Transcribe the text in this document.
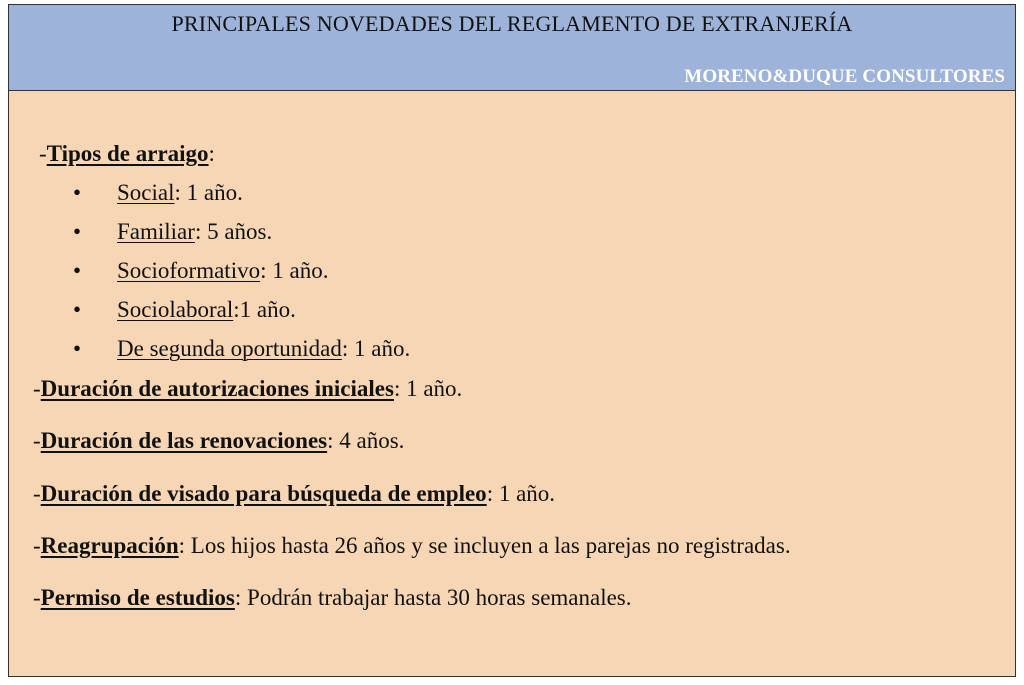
PRINCIPALES NOVEDADES DEL REGLAMENTO DE EXTRANJERÍA
MORENO&DUQUE CONSULTORES
-Tipos de arraigo:
• Social: 1 año.
• Familiar: 5 años.
• Socioformativo: 1 año.
• Sociolaboral:1 año.
• De segunda oportunidad: 1 año.
-Duración de autorizaciones iniciales: 1 año.
-Duración de las renovaciones: 4 años.
-Duración de visado para búsqueda de empleo: 1 año.
-Reagrupación: Los hijos hasta 26 años y se incluyen a las parejas no registradas.
-Permiso de estudios: Podrán trabajar hasta 30 horas semanales.
